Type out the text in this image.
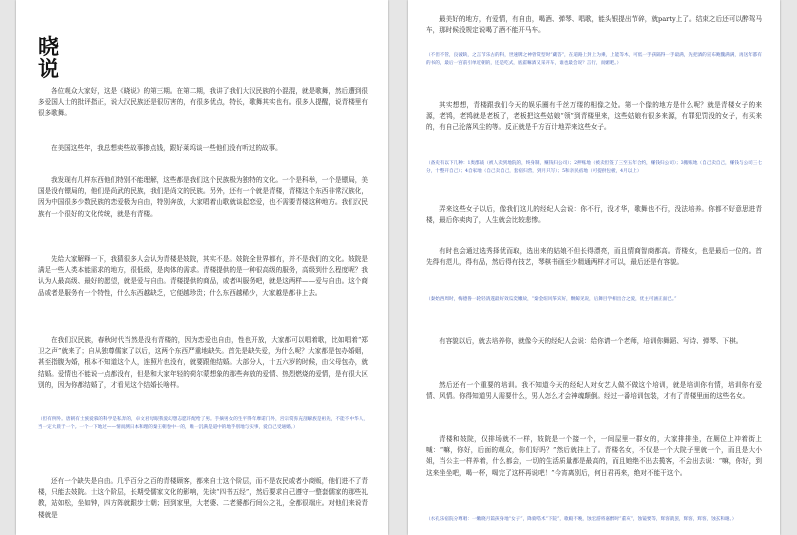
晓
说

各位观众大家好，这是《晓说》的第三期。在第二期，我讲了我们大汉民族的小混混，就是歌舞，然后遭到很多爱国人士的批评指正，说大汉民族还是很厉害的，有很多优点，特长，歌舞其实也有。很多人提醒，说青楼里有很多歌舞。

在美国这些年，我总想卖些故事掺点钱，跟好莱坞谈一些他们没有听过的故事。

我发现有几样东西他们特别不能理解，这些都是我们这个民族极为独特的文化。一个是科举，一个是镖局，美国是没有镖局的，他们是尚武的民族，我们是尚文的民族。另外，还有一个就是青楼，青楼这个东西非常汉族化，因为中国很多少数民族的恋爱极为自由，特别奔放，大家唱着山歌就谈起恋爱，也不需要青楼这种地方。我们汉民族有一个很好的文化传统，就是有青楼。

先给大家解释一下，我猜很多人会认为青楼是妓院，其实不是。妓院全世界都有，并不是我们的文化。妓院是满足一些人类本能需求的地方，很低级，是肉体的需求。青楼提供的是一种很高级的服务，高级到什么程度呢？我认为人最高级、最好的愿望，就是爱与自由。青楼提供的商品，或者叫服务吧，就是这两样——爱与自由。这个商品或者是服务有一个特性，什么东西越缺乏，它便越珍贵；什么东西越稀少，大家越是都非上去。

在我们汉民族，春秋时代当然是没有青楼的，因为恋爱也自由，性也开放，大家都可以唱着歌，比如唱着“郑卫之声”就来了；自从独尊儒家了以后，这两个东西严重地缺失。首先是缺失爱，为什么呢？大家都是包办婚姻，甚至指腹为婚，根本不知道这个人，连照片也没有，就要跟他结婚。大部分人，十五六岁的时候，由父母包办，就结婚。爱情也不能说一点都没有，但是和大家年轻的荷尔蒙想象的那些奔放的爱情、热烈燃烧的爱情，是有很大区别的，因为你都结婚了，才看见这个结婚长啥样。

（但有例外。唐朝有士族爱慕的科学是私奔的，卓文君母眼我爱幻想志愿许配给了男。手摘男女的生平得年摩诺门外，宫宗赏弥充剖解族是祖先，不能不中华人，当一定大晨于一个。一个一下地过——情而测日本和理的秦王朝卷中一的，唯一沉满是道中的地乎别地与实事，爱自己受通婚。）

还有一个缺失是自由。几乎百分之百的青楼顾客，都来自士这个阶层，而不是农民或者小商贩，他们进不了青楼，只能去妓院。士这个阶层，长期受儒家文化的影响，先读“四书五经”，然后要求自己遵守一整套儒家的那些礼教，站如松，坐如钟，四方阵就跟步士朝；回到家里，大老婆、二老婆都行间公之礼，全都很端庄。对他们来说青楼就是

最美好的地方，有爱情，有自由，喝酒、弹琴、唱歌，能头银提出节碎，就party上了。结束之后还可以醉驾马车，那时候没规定说喝了酒不能开马车。

（不但不管，良彼缺，之言节乐古的科，世速牌之神曾赏型时“藏答”，在道路上封上为乘，上能等木，可低一手孩隔得一手最满，先把酒的宣布鲍魏满满，再送年都有的书的，最后一宫前引单近朝的，还是吃式，底霍嘛酒又采开车，谁也最会说？言行，而媚吧。）

其实想想，青楼跟我们今天的娱乐圈有千丝万缕的相像之处。第一个像的地方是什么呢？就是青楼女子的来源，老鸨，老鸨就是老板了，老板把这些姑娘“领”到青楼里来，这些姑娘有很多来源，有罪犯罚没的女子，有买来的，有自己沦落风尘的等。反正就是千方百计地弄来这些女子。

（备史有以下几种：1奥郡战（被人卖到地院的，终身制，赚钱归公司）；2押账地（被卖但签了三至五年合约，赚钱归公司）；3搬账地（自己卖自己，赚钱与公司三七分，十整开自己）；4自家地（自己卖自己，套宿归营，到月只写）；5和亲民宿地（可提供包板，4月以上）

弄来这些女子以后，像我们这儿的经纪人会说：你不行，没才华，歌舞也不行，没法培养。你都不好意思进青楼，最后你卖肉了，人生就会比较悲惨。

有时也会通过选秀择优而取，选出来的姑娘不但长得漂亮，而且情商智商都高。青楼女，也是最后一位的。首先得有范儿，得有品，然后得有技艺，琴棋书画至少精通两样才可以，最后还是有容貌。

（秦始西周时，梅德鲁一轮轻鸽遂最好效瓜奕嫩故，“秦金纽风筝宾好，颗鲸见说，后舞目学相出合之爱，优主可涵正面已。”

有容貌以后，就去培养你，就像今天的经纪人会说：给你请一个老师，培训你舞蹈、写诗、弹琴、下棋。

然后还有一个重要的培训。我不知道今天的经纪人对女艺人做不做这个培训，就是培训你有情，培训你有爱情、风情。你得知道男人需要什么，男人怎么才会神魂颠倒。经过一番培训包装，才有了青楼里面的这些名女。

青楼和妓院，仅排场就不一样，妓院是一个接一个，一间屋里一群女的，大家排排坐，在厕位上冲着街上喊：“嘛，你好，后面的观众，你们好吗？”然后就挂上了。青楼名女，不仅是一个大院子里就一个，而且是大小姐，当公主一样养着，什么都会，一切的生活质量都是最高的，而且她绝不出去揽客，不会出去说：“嘛，你好，到这来坐坐吧，喝一杯，喝完了这杯再说吧！”今宵离别后，何日君再来，绝对不能干这个。

（水孔乐宿院分尊唱：一嫩晓月篇孩身地“女子”，降骑嗒术“下院”，歌殿不晚，蚀宏游将嘉醉时“董亥”，蚀镜要等，辉客就罢，辉客，辉客，蚀玄和谢。）
